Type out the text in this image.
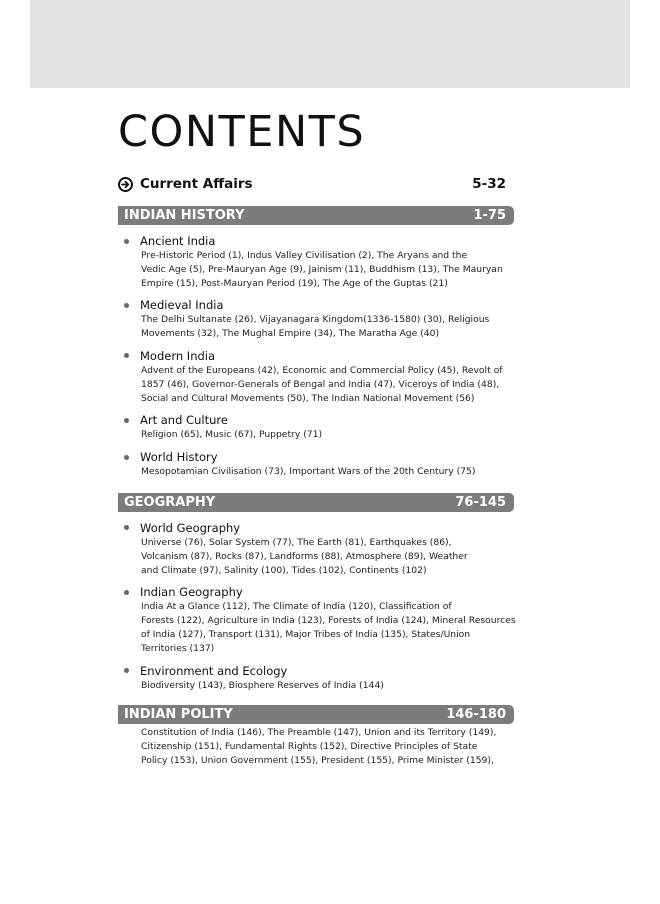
CONTENTS
Current Affairs	5-32
INDIAN HISTORY	1-75
Ancient India
Pre-Historic Period (1), Indus Valley Civilisation (2), The Aryans and the
Vedic Age (5), Pre-Mauryan Age (9), Jainism (11), Buddhism (13), The Mauryan
Empire (15), Post-Mauryan Period (19), The Age of the Guptas (21)
Medieval India
The Delhi Sultanate (26), Vijayanagara Kingdom(1336-1580) (30), Religious
Movements (32), The Mughal Empire (34), The Maratha Age (40)
Modern India
Advent of the Europeans (42), Economic and Commercial Policy (45), Revolt of
1857 (46), Governor-Generals of Bengal and India (47), Viceroys of India (48),
Social and Cultural Movements (50), The Indian National Movement (56)
Art and Culture
Religion (65), Music (67), Puppetry (71)
World History
Mesopotamian Civilisation (73), Important Wars of the 20th Century (75)
GEOGRAPHY	76-145
World Geography
Universe (76), Solar System (77), The Earth (81), Earthquakes (86),
Volcanism (87), Rocks (87), Landforms (88), Atmosphere (89), Weather
and Climate (97), Salinity (100), Tides (102), Continents (102)
Indian Geography
India At a Glance (112), The Climate of India (120), Classification of
Forests (122), Agriculture in India (123), Forests of India (124), Mineral Resources
of India (127), Transport (131), Major Tribes of India (135), States/Union
Territories (137)
Environment and Ecology
Biodiversity (143), Biosphere Reserves of India (144)
INDIAN POLITY	146-180
Constitution of India (146), The Preamble (147), Union and its Territory (149),
Citizenship (151), Fundamental Rights (152), Directive Principles of State
Policy (153), Union Government (155), President (155), Prime Minister (159),
